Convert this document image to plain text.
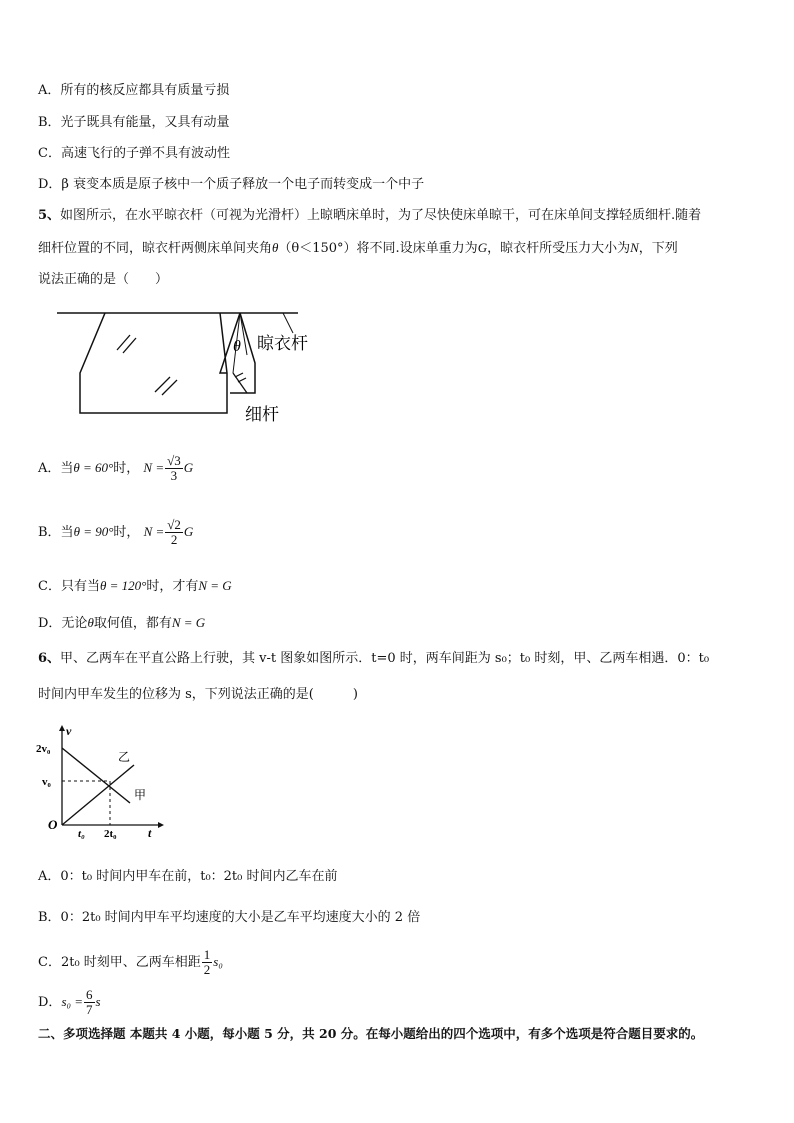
A．所有的核反应都具有质量亏损
B．光子既具有能量，又具有动量
C．高速飞行的子弹不具有波动性
D．β 衰变本质是原子核中一个质子释放一个电子而转变成一个中子
5、如图所示，在水平晾衣杆（可视为光滑杆）上晾晒床单时，为了尽快使床单晾干，可在床单间支撑轻质细杆.随着
细杆位置的不同，晾衣杆两侧床单间夹角θ（θ＜150°）将不同.设床单重力为G，晾衣杆所受压力大小为N，下列
说法正确的是（　　）
θ 晾衣杆
细杆
A．当θ = 60°时， $N = \frac{√3}{3}$ G
B．当θ = 90°时， $N = \frac{√2}{2}$ G
C．只有当θ = 120°时，才有N = G
D．无论θ取何值，都有N = G
6、甲、乙两车在平直公路上行驶，其 v-t 图象如图所示．t=0 时，两车间距为 s₀；t₀ 时刻，甲、乙两车相遇．0：t₀
时间内甲车发生的位移为 s，下列说法正确的是(　　　)
v
t
O
2v₀
v₀
t₀ 2t₀
乙
甲
A．0：t₀ 时间内甲车在前，t₀：2t₀ 时间内乙车在前
B．0：2t₀ 时间内甲车平均速度的大小是乙车平均速度大小的 2 倍
C．2t₀ 时刻甲、乙两车相距 $\frac{1}{2} s_0$
D．$s_0 = \frac{6}{7}$ s
二、多项选择题 本题共 4 小题，每小题 5 分，共 20 分。在每小题给出的四个选项中，有多个选项是符合题目要求的。
